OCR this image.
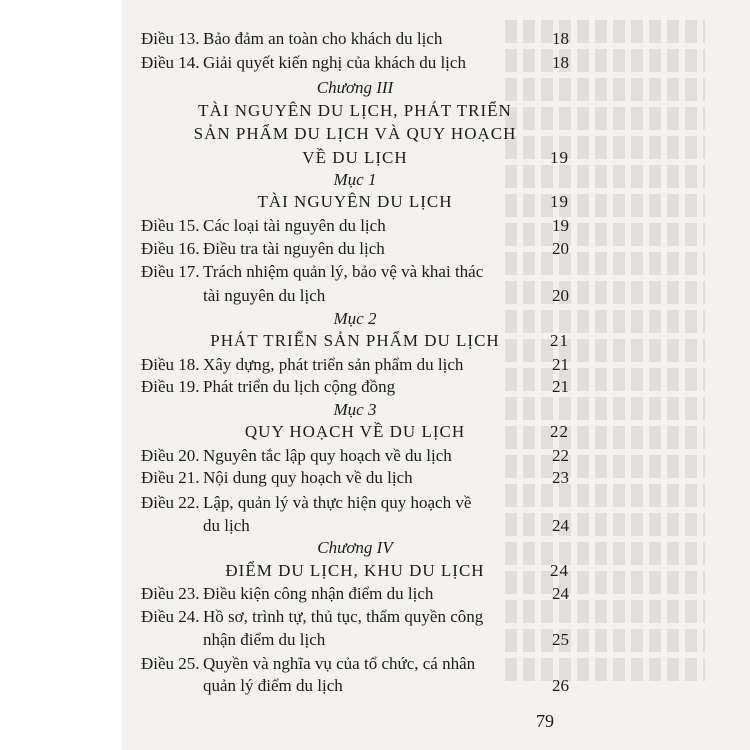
Điều 13. Bảo đảm an toàn cho khách du lịch	18
Điều 14. Giải quyết kiến nghị của khách du lịch	18
Chương III
TÀI NGUYÊN DU LỊCH, PHÁT TRIỂN
SẢN PHẨM DU LỊCH VÀ QUY HOẠCH
VỀ DU LỊCH	19
Mục 1
TÀI NGUYÊN DU LỊCH	19
Điều 15. Các loại tài nguyên du lịch	19
Điều 16. Điều tra tài nguyên du lịch	20
Điều 17. Trách nhiệm quản lý, bảo vệ và khai thác
tài nguyên du lịch	20
Mục 2
PHÁT TRIỂN SẢN PHẨM DU LỊCH	21
Điều 18. Xây dựng, phát triển sản phẩm du lịch	21
Điều 19. Phát triển du lịch cộng đồng	21
Mục 3
QUY HOẠCH VỀ DU LỊCH	22
Điều 20. Nguyên tắc lập quy hoạch về du lịch	22
Điều 21. Nội dung quy hoạch về du lịch	23
Điều 22. Lập, quản lý và thực hiện quy hoạch về
du lịch	24
Chương IV
ĐIỂM DU LỊCH, KHU DU LỊCH	24
Điều 23. Điều kiện công nhận điểm du lịch	24
Điều 24. Hồ sơ, trình tự, thủ tục, thẩm quyền công
nhận điểm du lịch	25
Điều 25. Quyền và nghĩa vụ của tổ chức, cá nhân
quản lý điểm du lịch	26
79
